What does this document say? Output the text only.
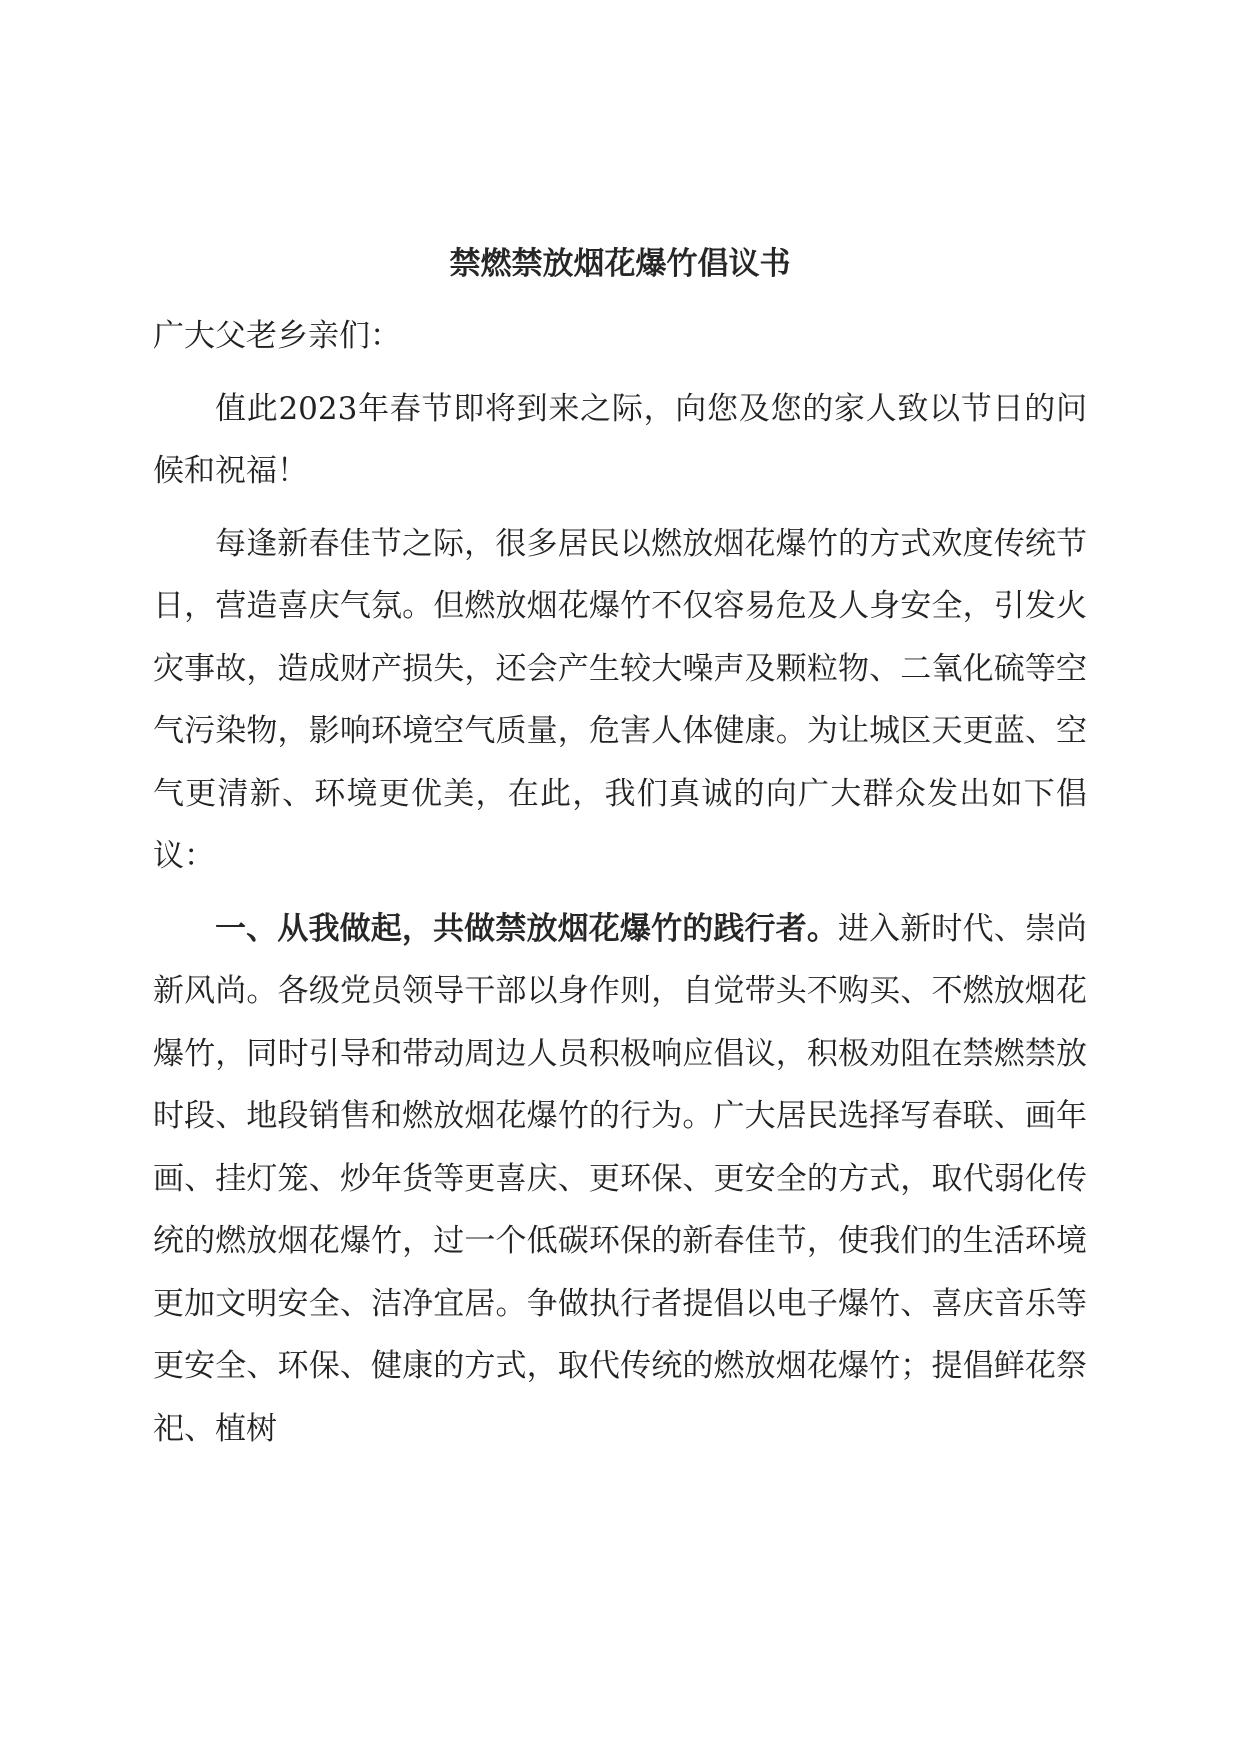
禁燃禁放烟花爆竹倡议书

广大父老乡亲们：

值此2023年春节即将到来之际，向您及您的家人致以节日的问候和祝福！

每逢新春佳节之际，很多居民以燃放烟花爆竹的方式欢度传统节日，营造喜庆气氛。但燃放烟花爆竹不仅容易危及人身安全，引发火灾事故，造成财产损失，还会产生较大噪声及颗粒物、二氧化硫等空气污染物，影响环境空气质量，危害人体健康。为让城区天更蓝、空气更清新、环境更优美，在此，我们真诚的向广大群众发出如下倡议：

一、从我做起，共做禁放烟花爆竹的践行者。进入新时代、崇尚新风尚。各级党员领导干部以身作则，自觉带头不购买、不燃放烟花爆竹，同时引导和带动周边人员积极响应倡议，积极劝阻在禁燃禁放时段、地段销售和燃放烟花爆竹的行为。广大居民选择写春联、画年画、挂灯笼、炒年货等更喜庆、更环保、更安全的方式，取代弱化传统的燃放烟花爆竹，过一个低碳环保的新春佳节，使我们的生活环境更加文明安全、洁净宜居。争做执行者提倡以电子爆竹、喜庆音乐等更安全、环保、健康的方式，取代传统的燃放烟花爆竹；提倡鲜花祭祀、植树
